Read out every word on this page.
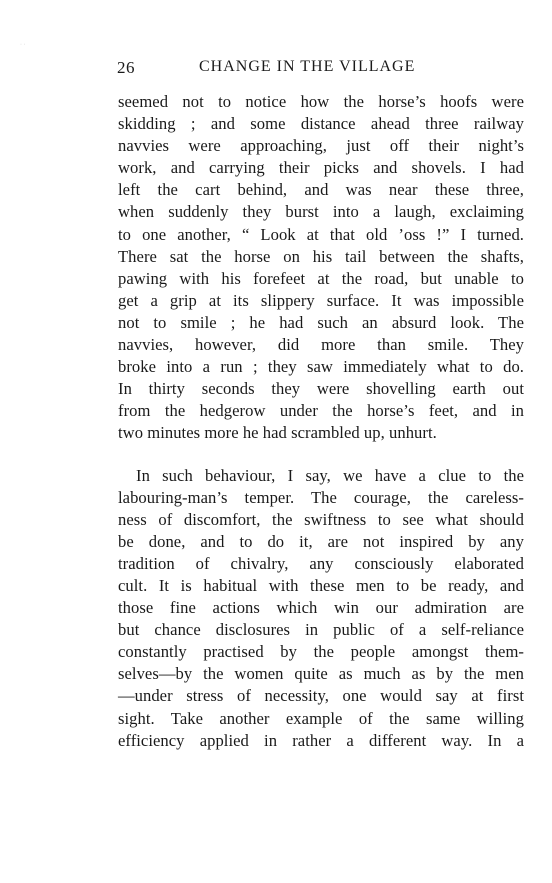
· ·
26	CHANGE IN THE VILLAGE
seemed not to notice how the horse’s hoofs were
skidding ; and some distance ahead three railway
navvies were approaching, just off their night’s
work, and carrying their picks and shovels. I had
left the cart behind, and was near these three,
when suddenly they burst into a laugh, exclaiming
to one another, “ Look at that old ’oss !” I turned.
There sat the horse on his tail between the shafts,
pawing with his forefeet at the road, but unable to
get a grip at its slippery surface. It was impossible
not to smile ; he had such an absurd look. The
navvies, however, did more than smile. They
broke into a run ; they saw immediately what to do.
In thirty seconds they were shovelling earth out
from the hedgerow under the horse’s feet, and in
two minutes more he had scrambled up, unhurt.
In such behaviour, I say, we have a clue to the
labouring-man’s temper. The courage, the careless-
ness of discomfort, the swiftness to see what should
be done, and to do it, are not inspired by any
tradition of chivalry, any consciously elaborated
cult. It is habitual with these men to be ready, and
those fine actions which win our admiration are
but chance disclosures in public of a self-reliance
constantly practised by the people amongst them-
selves—by the women quite as much as by the men
—under stress of necessity, one would say at first
sight. Take another example of the same willing
efficiency applied in rather a different way. In a
